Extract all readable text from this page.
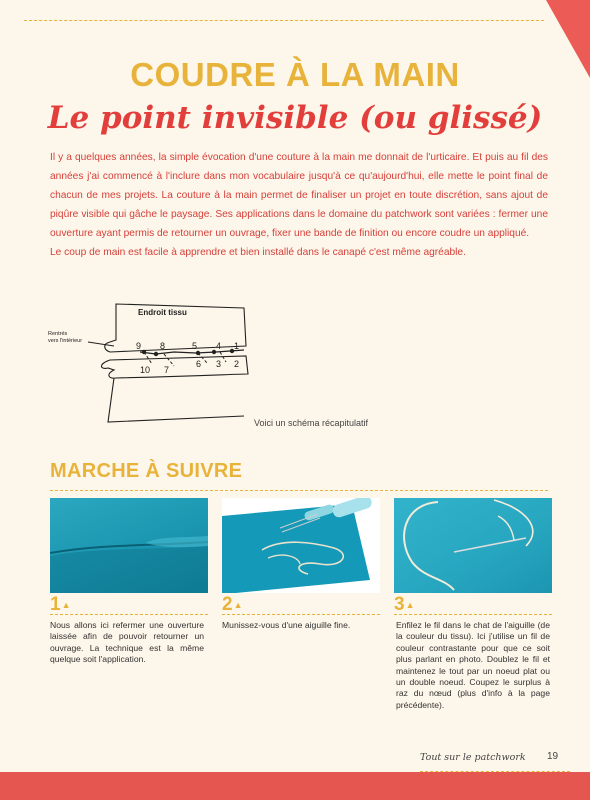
COUDRE À LA MAIN
Le point invisible (ou glissé)

Il y a quelques années, la simple évocation d'une couture à la main me donnait de l'urticaire. Et puis au fil des années j'ai commencé à l'inclure dans mon vocabulaire jusqu'à ce qu'aujourd'hui, elle mette le point final de chacun de mes projets. La couture à la main permet de finaliser un projet en toute discrétion, sans ajout de piqûre visible qui gâche le paysage. Ses applications dans le domaine du patchwork sont variées : fermer une ouverture ayant permis de retourner un ouvrage, fixer une bande de finition ou encore coudre un appliqué.

Le coup de main est facile à apprendre et bien installé dans le canapé c'est même agréable.

Endroit tissu
Rentrés
vers l'intérieur	9 8	5 4 1
10 7
6 3 2
Voici un schéma récapitulatif
MARCHE À SUIVRE
1▲	2▲	3▲

Nous allons ici refermer une ouverture laissée afin de pouvoir retourner un ouvrage. La technique est la même quelque soit l'application.

Munissez-vous d'une aiguille fine.	Enfilez le fil dans le chat de l'aiguille (de la couleur du tissu). Ici j'utilise un fil de couleur contrastante pour que ce soit plus parlant en photo. Doublez le fil et maintenez le tout par un noeud plat ou un double noeud. Coupez le surplus à raz du nœud (plus d'info à la page précédente).

Tout sur le patchwork 19
